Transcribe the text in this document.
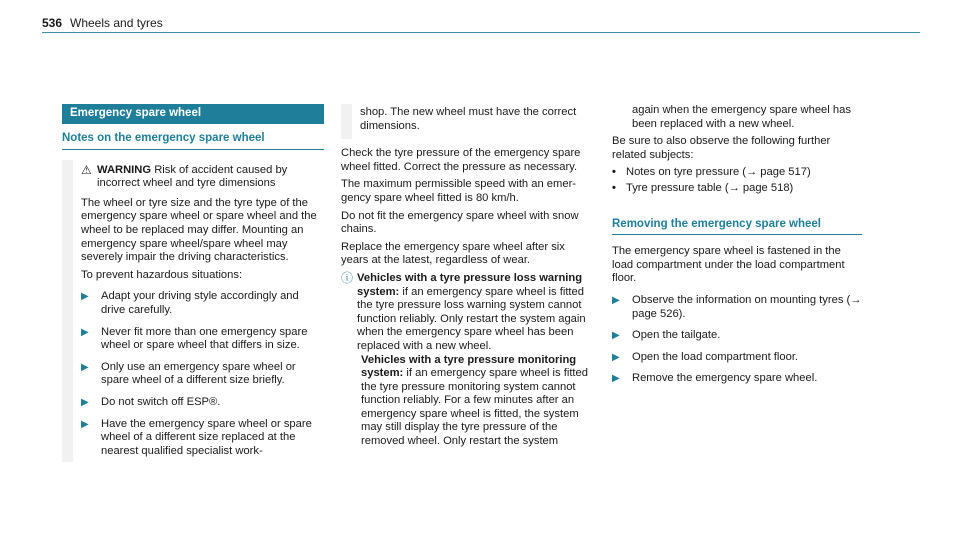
536 Wheels and tyres
Emergency spare wheel
Notes on the emergency spare wheel
⚠ WARNING Risk of accident caused by incorrect wheel and tyre dimensions

The wheel or tyre size and the tyre type of the emergency spare wheel or spare wheel and the wheel to be replaced may differ. Mounting an emergency spare wheel/spare wheel may severely impair the driving characteristics.

To prevent hazardous situations:

▶	Adapt your driving style accordingly and drive carefully.
▶	Never fit more than one emergency spare wheel or spare wheel that differs in size.
▶	Only use an emergency spare wheel or spare wheel of a different size briefly.
▶	Do not switch off ESP®.
▶	Have the emergency spare wheel or spare wheel of a different size replaced at the nearest qualified specialist work-
shop. The new wheel must have the correct dimensions.

Check the tyre pressure of the emergency spare wheel fitted. Correct the pressure as necessary.

The maximum permissible speed with an emergency spare wheel fitted is 80 km/h.

Do not fit the emergency spare wheel with snow chains.

Replace the emergency spare wheel after six years at the latest, regardless of wear.

ⓘ Vehicles with a tyre pressure loss warning system: if an emergency spare wheel is fitted the tyre pressure loss warning system cannot function reliably. Only restart the system again when the emergency spare wheel has been replaced with a new wheel.
Vehicles with a tyre pressure monitoring system: if an emergency spare wheel is fitted the tyre pressure monitoring system cannot function reliably. For a few minutes after an emergency spare wheel is fitted, the system may still display the tyre pressure of the removed wheel. Only restart the system

again when the emergency spare wheel has been replaced with a new wheel.

Be sure to also observe the following further related subjects:

• Notes on tyre pressure (→ page 517)
• Tyre pressure table (→ page 518)
Removing the emergency spare wheel

The emergency spare wheel is fastened in the load compartment under the load compartment floor.

▶	Observe the information on mounting tyres (→ page 526).
▶	Open the tailgate.
▶	Open the load compartment floor.
▶	Remove the emergency spare wheel.
